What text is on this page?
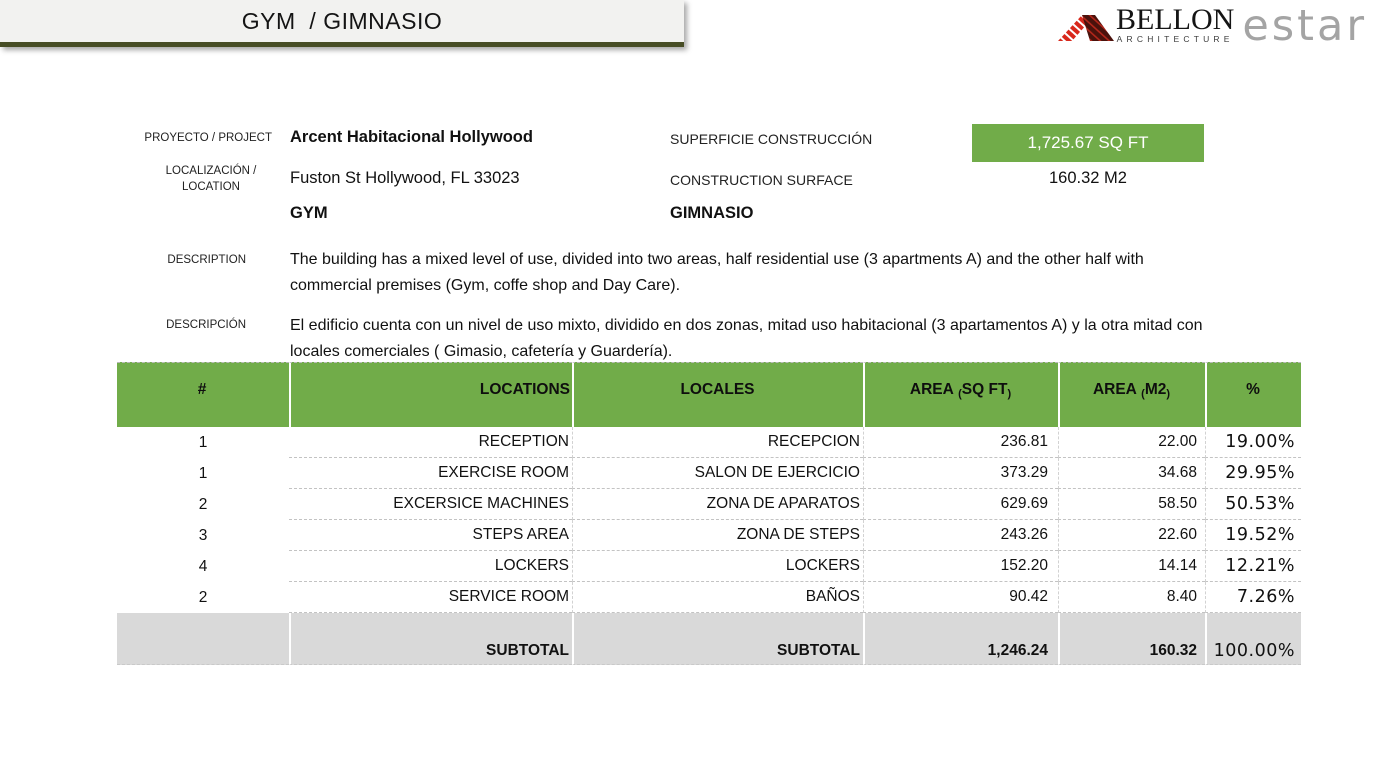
GYM  / GIMNASIO	BELLON
ARCHITECTURE estar
PROYECTO / PROJECT Arcent Habitacional Hollywood
LOCALIZACIÓN /
LOCATION	Fuston St Hollywood, FL 33023
GYM
SUPERFICIE CONSTRUCCIÓN
CONSTRUCTION SURFACE
GIMNASIO
1,725.67 SQ FT
160.32 M2
DESCRIPTION	The building has a mixed level of use, divided into two areas, half residential use (3 apartments A) and the other half with commercial premises (Gym, coffe shop and Day Care).
DESCRIPCIÓN	El edificio cuenta con un nivel de uso mixto, dividido en dos zonas, mitad uso habitacional (3 apartamentos A) y la otra mitad con locales comerciales ( Gimasio, cafetería y Guardería).
#	LOCATIONS	LOCALES	AREA (SQ FT)	AREA (M2)	%
1	RECEPTION	RECEPCION	236.81	22.00	19.00%
1	EXERCISE ROOM	SALON DE EJERCICIO	373.29	34.68	29.95%
2	EXCERSICE MACHINES	ZONA DE APARATOS	629.69	58.50	50.53%
3	STEPS AREA	ZONA DE STEPS	243.26	22.60	19.52%
4	LOCKERS	LOCKERS	152.20	14.14	12.21%
2	SERVICE ROOM	BAÑOS	90.42	8.40	7.26%
	SUBTOTAL	SUBTOTAL	1,246.24	160.32	100.00%
